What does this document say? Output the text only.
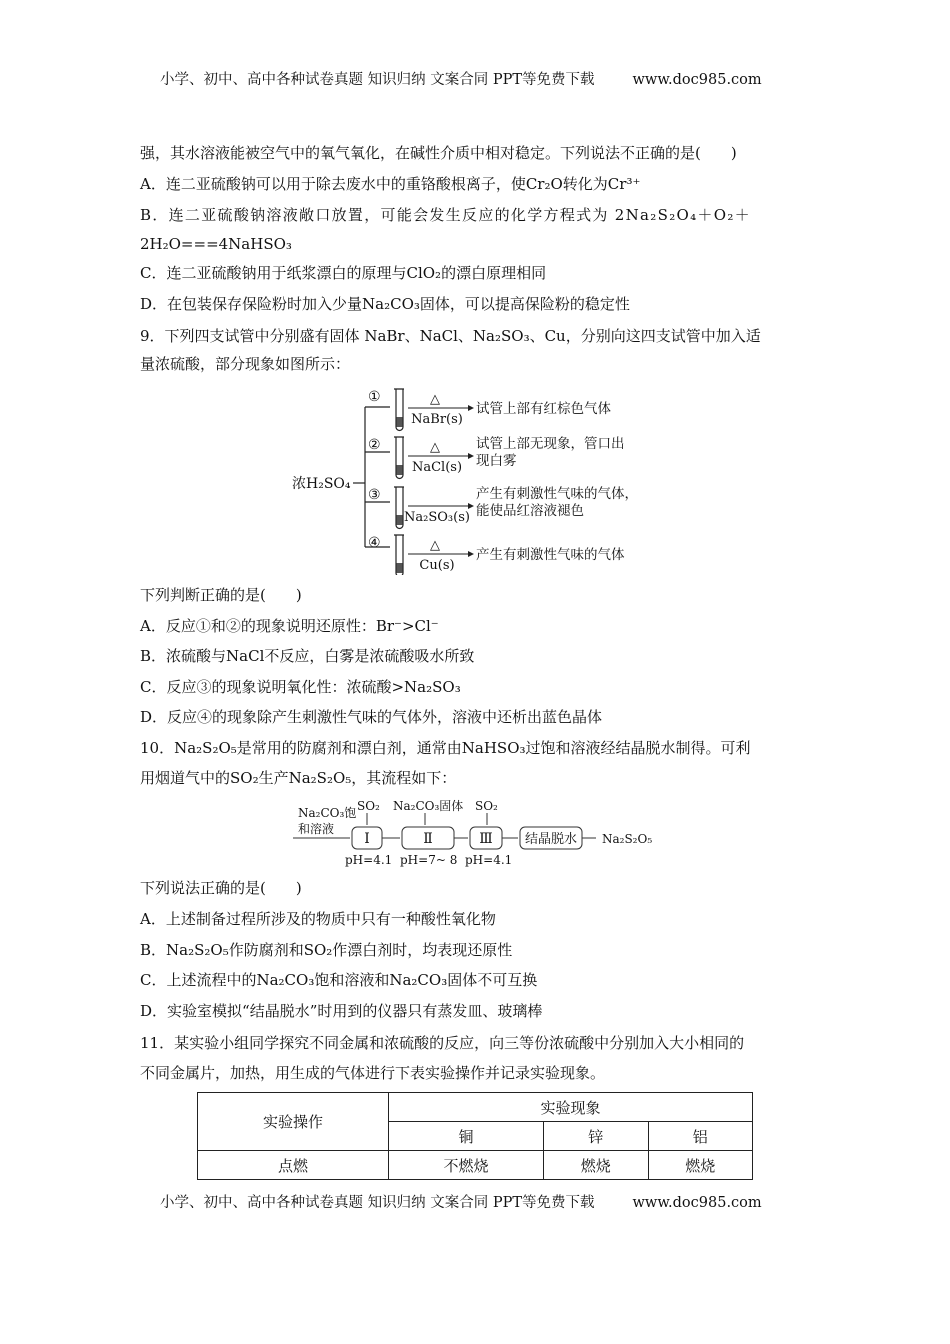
小学、初中、高中各种试卷真题 知识归纳 文案合同 PPT等免费下载	www.doc985.com
强，其水溶液能被空气中的氧气氧化，在碱性介质中相对稳定。下列说法不正确的是(　　)
A．连二亚硫酸钠可以用于除去废水中的重铬酸根离子，使Cr₂O转化为Cr³⁺
B．连二亚硫酸钠溶液敞口放置，可能会发生反应的化学方程式为 2Na₂S₂O₄＋O₂＋
2H₂O===4NaHSO₃
C．连二亚硫酸钠用于纸浆漂白的原理与ClO₂的漂白原理相同
D．在包装保存保险粉时加入少量Na₂CO₃固体，可以提高保险粉的稳定性
9．下列四支试管中分别盛有固体 NaBr、NaCl、Na₂SO₃、Cu，分别向这四支试管中加入适
量浓硫酸，部分现象如图所示：
浓H₂SO₄
①	△
NaBr(s)
试管上部有红棕色气体
②	△
NaCl(s)
试管上部无现象，管口出
现白雾
③
Na₂SO₃(s)
产生有刺激性气味的气体，
能使品红溶液褪色
④	△
Cu(s)
产生有刺激性气味的气体
下列判断正确的是(　　)
A．反应①和②的现象说明还原性：Br⁻>Cl⁻
B．浓硫酸与NaCl不反应，白雾是浓硫酸吸水所致
C．反应③的现象说明氧化性：浓硫酸>Na₂SO₃
D．反应④的现象除产生刺激性气味的气体外，溶液中还析出蓝色晶体
10．Na₂S₂O₅是常用的防腐剂和漂白剂，通常由NaHSO₃过饱和溶液经结晶脱水制得。可利
用烟道气中的SO₂生产Na₂S₂O₅，其流程如下：
Na₂CO₃饱
和溶液
SO₂ Na₂CO₃固体 SO₂
Ⅰ	Ⅱ	Ⅲ 结晶脱水 Na₂S₂O₅
pH=4.1 pH=7~ 8 pH=4.1
下列说法正确的是(　　)
A．上述制备过程所涉及的物质中只有一种酸性氧化物
B．Na₂S₂O₅作防腐剂和SO₂作漂白剂时，均表现还原性
C．上述流程中的Na₂CO₃饱和溶液和Na₂CO₃固体不可互换
D．实验室模拟“结晶脱水”时用到的仪器只有蒸发皿、玻璃棒
11．某实验小组同学探究不同金属和浓硫酸的反应，向三等份浓硫酸中分别加入大小相同的
不同金属片，加热，用生成的气体进行下表实验操作并记录实验现象。
实验操作	实验现象		
	铜	锌	铝
点燃	不燃烧	燃烧	燃烧
小学、初中、高中各种试卷真题 知识归纳 文案合同 PPT等免费下载	www.doc985.com
